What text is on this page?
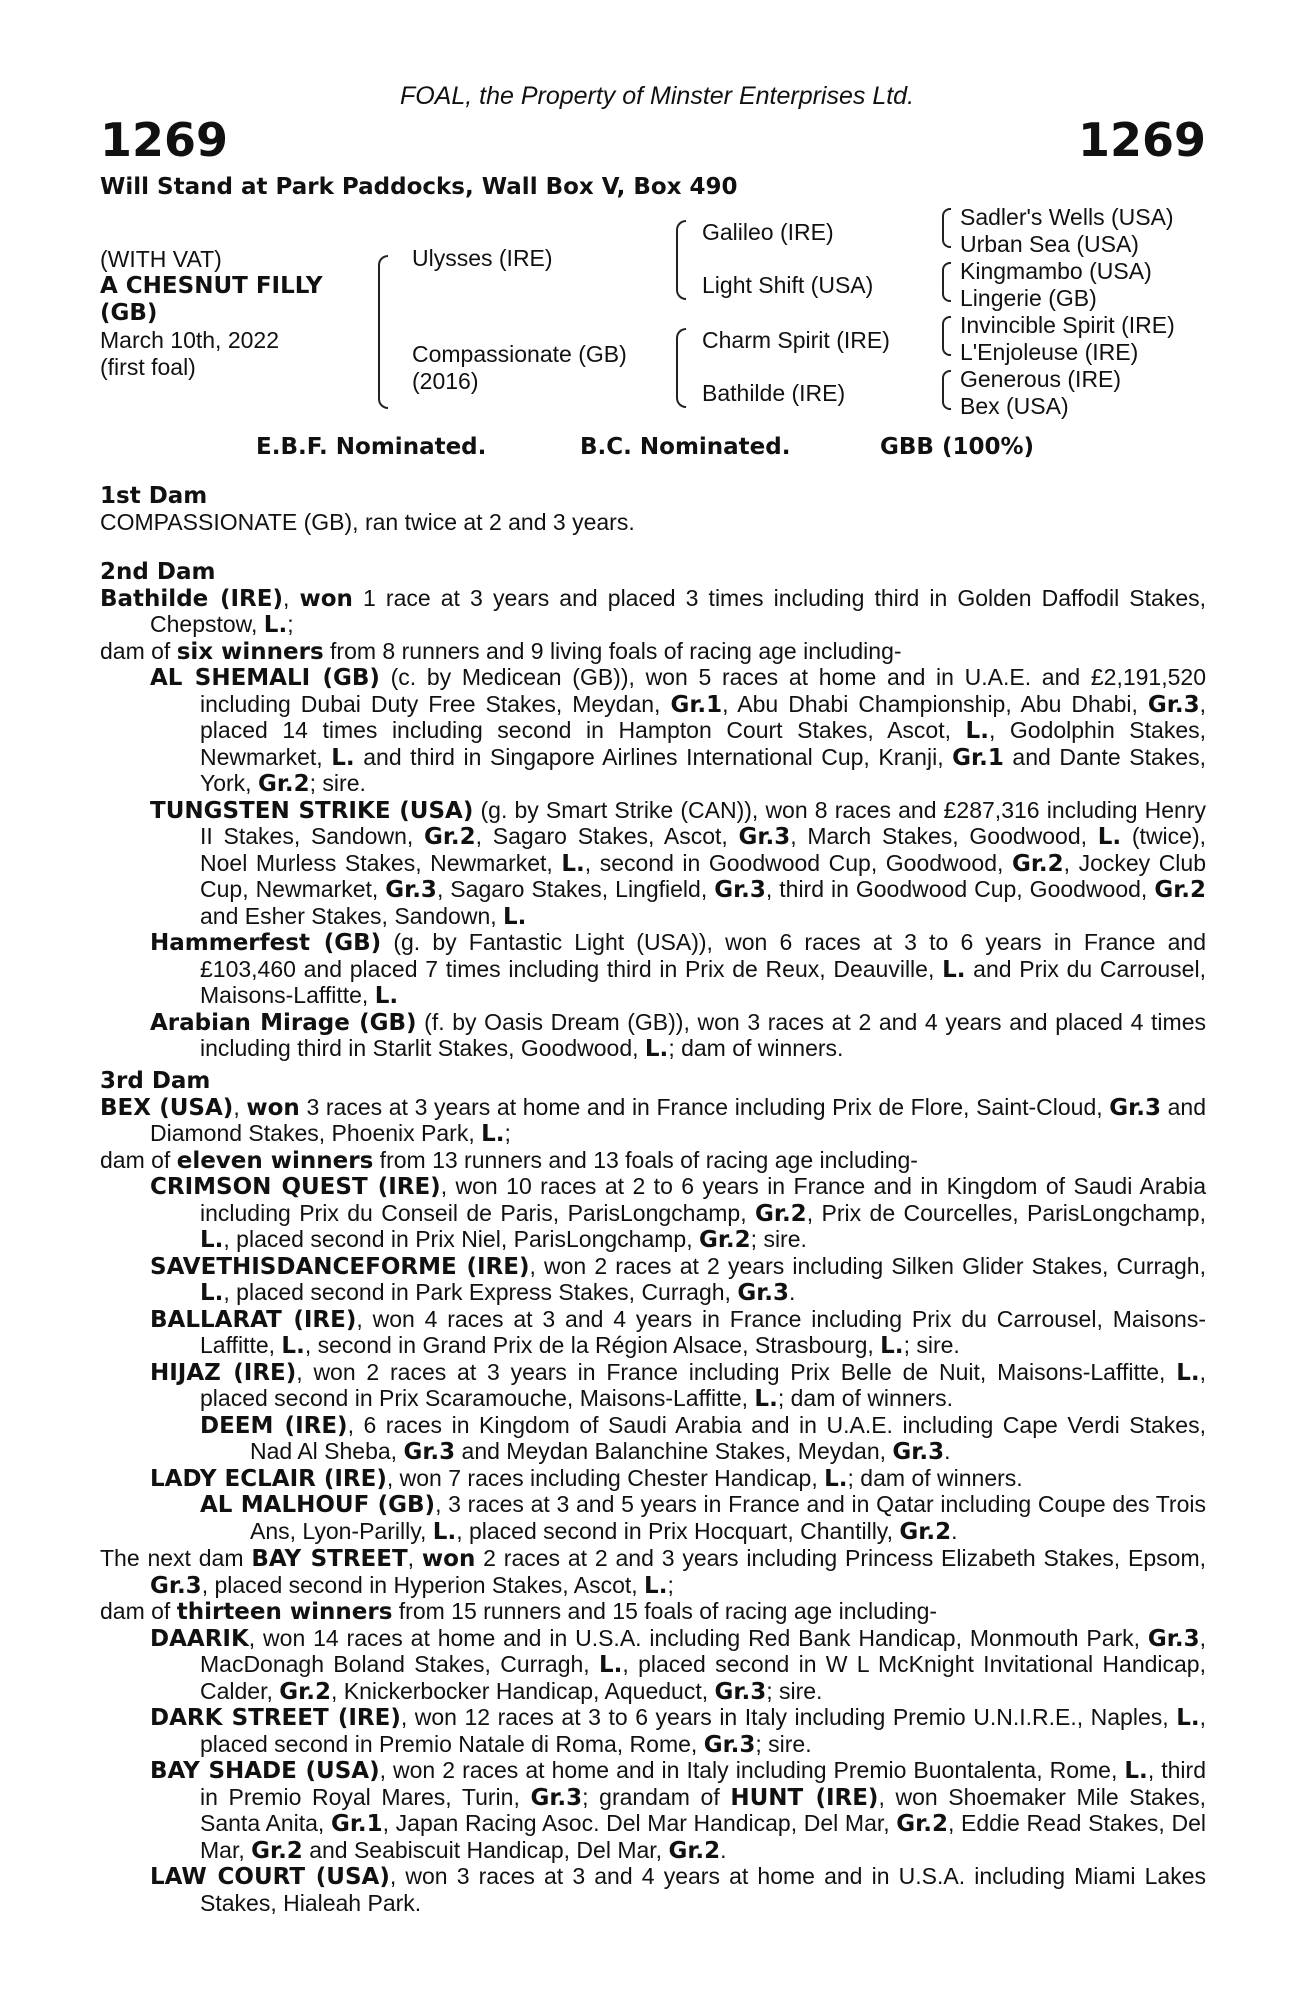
FOAL, the Property of Minster Enterprises Ltd.
1269	1269
Will Stand at Park Paddocks, Wall Box V, Box 490
(WITH VAT)
A CHESNUT FILLY
(GB)
March 10th, 2022
(first foal)
Ulysses (IRE)
Compassionate (GB)
(2016)
Galileo (IRE)
Light Shift (USA)
Charm Spirit (IRE)
Bathilde (IRE)
Sadler's Wells (USA)
Urban Sea (USA)
Kingmambo (USA)
Lingerie (GB)
Invincible Spirit (IRE)
L'Enjoleuse (IRE)
Generous (IRE)
Bex (USA)
E.B.F. Nominated.	B.C. Nominated.	GBB (100%)
1st Dam
COMPASSIONATE (GB), ran twice at 2 and 3 years.
2nd Dam
Bathilde (IRE), won 1 race at 3 years and placed 3 times including third in Golden Daffodil Stakes, Chepstow, L.;
dam of six winners from 8 runners and 9 living foals of racing age including-
AL SHEMALI (GB) (c. by Medicean (GB)), won 5 races at home and in U.A.E. and £2,191,520 including Dubai Duty Free Stakes, Meydan, Gr.1, Abu Dhabi Championship, Abu Dhabi, Gr.3, placed 14 times including second in Hampton Court Stakes, Ascot, L., Godolphin Stakes, Newmarket, L. and third in Singapore Airlines International Cup, Kranji, Gr.1 and Dante Stakes, York, Gr.2; sire.
TUNGSTEN STRIKE (USA) (g. by Smart Strike (CAN)), won 8 races and £287,316 including Henry II Stakes, Sandown, Gr.2, Sagaro Stakes, Ascot, Gr.3, March Stakes, Goodwood, L. (twice), Noel Murless Stakes, Newmarket, L., second in Goodwood Cup, Goodwood, Gr.2, Jockey Club Cup, Newmarket, Gr.3, Sagaro Stakes, Lingfield, Gr.3, third in Goodwood Cup, Goodwood, Gr.2 and Esher Stakes, Sandown, L.
Hammerfest (GB) (g. by Fantastic Light (USA)), won 6 races at 3 to 6 years in France and £103,460 and placed 7 times including third in Prix de Reux, Deauville, L. and Prix du Carrousel, Maisons-Laffitte, L.
Arabian Mirage (GB) (f. by Oasis Dream (GB)), won 3 races at 2 and 4 years and placed 4 times including third in Starlit Stakes, Goodwood, L.; dam of winners.
3rd Dam
BEX (USA), won 3 races at 3 years at home and in France including Prix de Flore, Saint-Cloud, Gr.3 and Diamond Stakes, Phoenix Park, L.;
dam of eleven winners from 13 runners and 13 foals of racing age including-
CRIMSON QUEST (IRE), won 10 races at 2 to 6 years in France and in Kingdom of Saudi Arabia including Prix du Conseil de Paris, ParisLongchamp, Gr.2, Prix de Courcelles, ParisLongchamp, L., placed second in Prix Niel, ParisLongchamp, Gr.2; sire.
SAVETHISDANCEFORME (IRE), won 2 races at 2 years including Silken Glider Stakes, Curragh, L., placed second in Park Express Stakes, Curragh, Gr.3.
BALLARAT (IRE), won 4 races at 3 and 4 years in France including Prix du Carrousel, Maisons-Laffitte, L., second in Grand Prix de la Région Alsace, Strasbourg, L.; sire.
HIJAZ (IRE), won 2 races at 3 years in France including Prix Belle de Nuit, Maisons-Laffitte, L., placed second in Prix Scaramouche, Maisons-Laffitte, L.; dam of winners.
DEEM (IRE), 6 races in Kingdom of Saudi Arabia and in U.A.E. including Cape Verdi Stakes, Nad Al Sheba, Gr.3 and Meydan Balanchine Stakes, Meydan, Gr.3.
LADY ECLAIR (IRE), won 7 races including Chester Handicap, L.; dam of winners.
AL MALHOUF (GB), 3 races at 3 and 5 years in France and in Qatar including Coupe des Trois Ans, Lyon-Parilly, L., placed second in Prix Hocquart, Chantilly, Gr.2.
The next dam BAY STREET, won 2 races at 2 and 3 years including Princess Elizabeth Stakes, Epsom, Gr.3, placed second in Hyperion Stakes, Ascot, L.;
dam of thirteen winners from 15 runners and 15 foals of racing age including-
DAARIK, won 14 races at home and in U.S.A. including Red Bank Handicap, Monmouth Park, Gr.3, MacDonagh Boland Stakes, Curragh, L., placed second in W L McKnight Invitational Handicap, Calder, Gr.2, Knickerbocker Handicap, Aqueduct, Gr.3; sire.
DARK STREET (IRE), won 12 races at 3 to 6 years in Italy including Premio U.N.I.R.E., Naples, L., placed second in Premio Natale di Roma, Rome, Gr.3; sire.
BAY SHADE (USA), won 2 races at home and in Italy including Premio Buontalenta, Rome, L., third in Premio Royal Mares, Turin, Gr.3; grandam of HUNT (IRE), won Shoemaker Mile Stakes, Santa Anita, Gr.1, Japan Racing Asoc. Del Mar Handicap, Del Mar, Gr.2, Eddie Read Stakes, Del Mar, Gr.2 and Seabiscuit Handicap, Del Mar, Gr.2.
LAW COURT (USA), won 3 races at 3 and 4 years at home and in U.S.A. including Miami Lakes Stakes, Hialeah Park.
